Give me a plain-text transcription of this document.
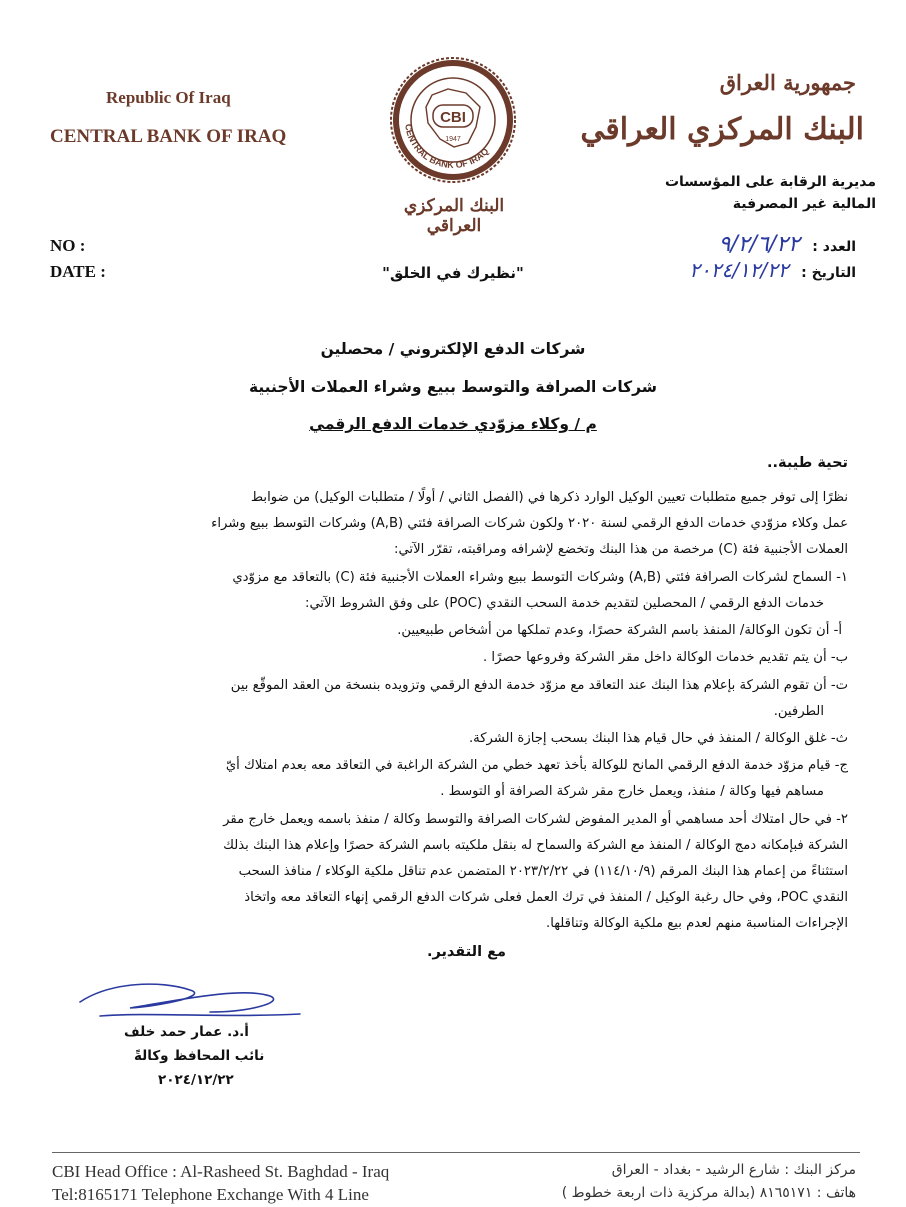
Republic Of Iraq
CENTRAL BANK OF IRAQ
NO :
DATE :
CBI
1947
CENTRAL BANK OF IRAQ
البنك المركزي العراقي
"نظيرك في الخلق"
جمهورية العراق
البنك المركزي العراقي
مديرية الرقابة على المؤسسات
المالية غير المصرفية
العدد : ٩/٢/٦/٢٢
التاريخ : ٢٠٢٤/١٢/٢٢
شركات الدفع الإلكتروني / محصلين
شركات الصرافة والتوسط ببيع وشراء العملات الأجنبية
م / وكلاء مزوّدي خدمات الدفع الرقمي
تحية طيبة..
نظرًا إلى توفر جميع متطلبات تعيين الوكيل الوارد ذكرها في (الفصل الثاني / أولًا / متطلبات الوكيل) من ضوابط
عمل وكلاء مزوّدي خدمات الدفع الرقمي لسنة ٢٠٢٠ ولكون شركات الصرافة فئتي (A,B) وشركات التوسط ببيع وشراء
العملات الأجنبية فئة (C) مرخصة من هذا البنك وتخضع لإشرافه ومراقبته، تقرّر الآتي:
١- السماح لشركات الصرافة فئتي (A,B) وشركات التوسط ببيع وشراء العملات الأجنبية فئة (C) بالتعاقد مع مزوّدي
خدمات الدفع الرقمي / المحصلين لتقديم خدمة السحب النقدي (POC) على وفق الشروط الآتي:
أ- أن تكون الوكالة/ المنفذ باسم الشركة حصرًا، وعدم تملكها من أشخاص طبيعيين.
ب- أن يتم تقديم خدمات الوكالة داخل مقر الشركة وفروعها حصرًا .
ت- أن تقوم الشركة بإعلام هذا البنك عند التعاقد مع مزوّد خدمة الدفع الرقمي وتزويده بنسخة من العقد الموقّع بين
الطرفين.
ث- غلق الوكالة / المنفذ في حال قيام هذا البنك بسحب إجازة الشركة.
ج- قيام مزوّد خدمة الدفع الرقمي المانح للوكالة بأخذ تعهد خطي من الشركة الراغبة في التعاقد معه بعدم امتلاك أيّ
مساهم فيها وكالة / منفذ، ويعمل خارج مقر شركة الصرافة أو التوسط .
٢- في حال امتلاك أحد مساهمي أو المدير المفوض لشركات الصرافة والتوسط وكالة / منفذ باسمه ويعمل خارج مقر
الشركة فبإمكانه دمج الوكالة / المنفذ مع الشركة والسماح له بنقل ملكيته باسم الشركة حصرًا وإعلام هذا البنك بذلك
استثناءً من إعمام هذا البنك المرقم (١١٤/١٠/٩) في ٢٠٢٣/٢/٢٢ المتضمن عدم تناقل ملكية الوكلاء / منافذ السحب
النقدي POC، وفي حال رغبة الوكيل / المنفذ في ترك العمل فعلى شركات الدفع الرقمي إنهاء التعاقد معه واتخاذ
الإجراءات المناسبة منهم لعدم بيع ملكية الوكالة وتناقلها.
مع التقدير.
أ.د. عمار حمد خلف
نائب المحافظ وكالةً
٢٠٢٤/١٢/٢٢
CBI Head Office : Al-Rasheed St. Baghdad - Iraq
Tel:8165171 Telephone Exchange With 4 Line
مركز البنك : شارع الرشيد - بغداد - العراق
هاتف : ٨١٦٥١٧١ (بدالة مركزية ذات اربعة خطوط )
